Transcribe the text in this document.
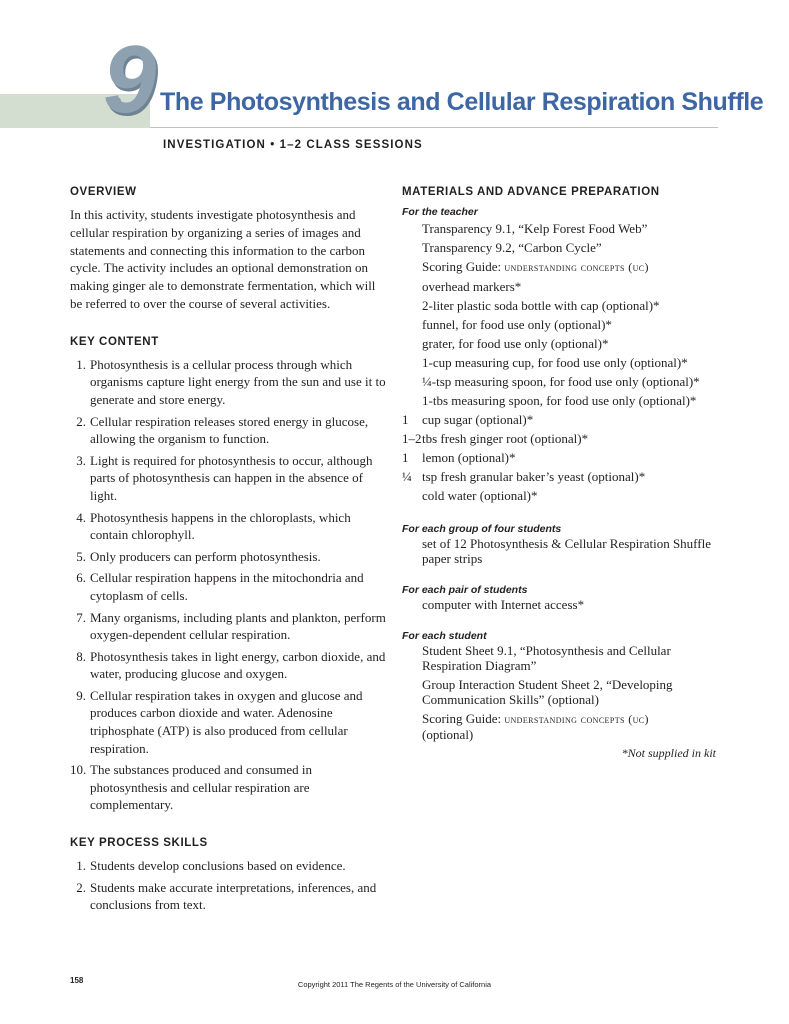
9 The Photosynthesis and Cellular Respiration Shuffle
INVESTIGATION • 1–2 CLASS SESSIONS
OVERVIEW

In this activity, students investigate photosynthesis and cellular respiration by organizing a series of images and statements and connecting this information to the carbon cycle. The activity includes an optional demonstration on making ginger ale to demonstrate fermentation, which will be referred to over the course of several activities.

KEY CONTENT
1. Photosynthesis is a cellular process through which organisms capture light energy from the sun and use it to generate and store energy.
2. Cellular respiration releases stored energy in glucose, allowing the organism to function.
3. Light is required for photosynthesis to occur, although parts of photosynthesis can happen in the absence of light.
4. Photosynthesis happens in the chloroplasts, which contain chlorophyll.
5. Only producers can perform photosynthesis.
6. Cellular respiration happens in the mitochondria and cytoplasm of cells.
7. Many organisms, including plants and plankton, perform oxygen-dependent cellular respiration.
8. Photosynthesis takes in light energy, carbon dioxide, and water, producing glucose and oxygen.
9. Cellular respiration takes in oxygen and glucose and produces carbon dioxide and water. Adenosine triphosphate (ATP) is also produced from cellular respiration.
10. The substances produced and consumed in photosynthesis and cellular respiration are complementary.
KEY PROCESS SKILLS
1. Students develop conclusions based on evidence.
2. Students make accurate interpretations, inferences, and conclusions from text.
MATERIALS AND ADVANCE PREPARATION
For the teacher
Transparency 9.1, “Kelp Forest Food Web”
Transparency 9.2, “Carbon Cycle”
Scoring Guide: understanding concepts (uc)
overhead markers*
2-liter plastic soda bottle with cap (optional)*
funnel, for food use only (optional)*
grater, for food use only (optional)*
1-cup measuring cup, for food use only (optional)*
¼-tsp measuring spoon, for food use only (optional)*
1-tbs measuring spoon, for food use only (optional)*
1	cup sugar (optional)*
1–2 tbs fresh ginger root (optional)*
1	lemon (optional)*
¼ tsp fresh granular baker’s yeast (optional)*
cold water (optional)*
For each group of four students
set of 12 Photosynthesis & Cellular Respiration Shuffle paper strips
For each pair of students
computer with Internet access*
For each student
Student Sheet 9.1, “Photosynthesis and Cellular Respiration Diagram”
Group Interaction Student Sheet 2, “Developing Communication Skills” (optional)
Scoring Guide: understanding concepts (uc)
(optional)
*Not supplied in kit
158	Copyright 2011 The Regents of the University of California
